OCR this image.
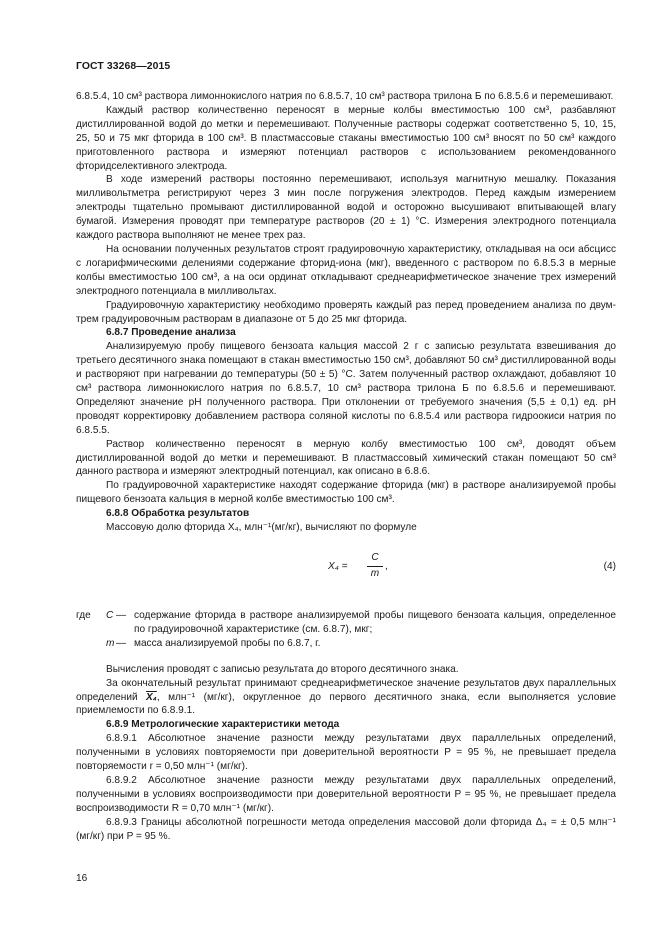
ГОСТ 33268—2015

6.8.5.4, 10 см³ раствора лимоннокислого натрия по 6.8.5.7, 10 см³ раствора трилона Б по 6.8.5.6 и перемешивают.

Каждый раствор количественно переносят в мерные колбы вместимостью 100 см³, разбавляют дистиллированной водой до метки и перемешивают. Полученные растворы содержат соответственно 5, 10, 15, 25, 50 и 75 мкг фторида в 100 см³. В пластмассовые стаканы вместимостью 100 см³ вносят по 50 см³ каждого приготовленного раствора и измеряют потенциал растворов с использованием рекомендованного фторидселективного электрода.

В ходе измерений растворы постоянно перемешивают, используя магнитную мешалку. Показания милливольтметра регистрируют через 3 мин после погружения электродов. Перед каждым измерением электроды тщательно промывают дистиллированной водой и осторожно высушивают впитывающей влагу бумагой. Измерения проводят при температуре растворов (20 ± 1) °С. Измерения электродного потенциала каждого раствора выполняют не менее трех раз.

На основании полученных результатов строят градуировочную характеристику, откладывая на оси абсцисс с логарифмическими делениями содержание фторид-иона (мкг), введенного с раствором по 6.8.5.3 в мерные колбы вместимостью 100 см³, а на оси ординат откладывают среднеарифметическое значение трех измерений электродного потенциала в милливольтах.

Градуировочную характеристику необходимо проверять каждый раз перед проведением анализа по двум-трем градуировочным растворам в диапазоне от 5 до 25 мкг фторида.

6.8.7 Проведение анализа

Анализируемую пробу пищевого бензоата кальция массой 2 г с записью результата взвешивания до третьего десятичного знака помещают в стакан вместимостью 150 см³, добавляют 50 см³ дистиллированной воды и растворяют при нагревании до температуры (50 ± 5) °С. Затем полученный раствор охлаждают, добавляют 10 см³ раствора лимоннокислого натрия по 6.8.5.7, 10 см³ раствора трилона Б по 6.8.5.6 и перемешивают. Определяют значение pH полученного раствора. При отклонении от требуемого значения (5,5 ± 0,1) ед. pH проводят корректировку добавлением раствора соляной кислоты по 6.8.5.4 или раствора гидроокиси натрия по 6.8.5.5.

Раствор количественно переносят в мерную колбу вместимостью 100 см³, доводят объем дистиллированной водой до метки и перемешивают. В пластмассовый химический стакан помещают 50 см³ данного раствора и измеряют электродный потенциал, как описано в 6.8.6.

По градуировочной характеристике находят содержание фторида (мкг) в растворе анализируемой пробы пищевого бензоата кальция в мерной колбе вместимостью 100 см³.

6.8.8 Обработка результатов

Массовую долю фторида X₄, млн⁻¹(мг/кг), вычисляют по формуле

X₄ =
C
m
,	(4)
где	C — содержание фторида в растворе анализируемой пробы пищевого бензоата кальция, определенное по градуировочной характеристике (см. 6.8.7), мкг;
m — масса анализируемой пробы по 6.8.7, г.

Вычисления проводят с записью результата до второго десятичного знака.

За окончательный результат принимают среднеарифметическое значение результатов двух параллельных определений X₄, млн⁻¹ (мг/кг), округленное до первого десятичного знака, если выполняется условие приемлемости по 6.8.9.1.

6.8.9 Метрологические характеристики метода

6.8.9.1 Абсолютное значение разности между результатами двух параллельных определений, полученными в условиях повторяемости при доверительной вероятности P = 95 %, не превышает предела повторяемости r = 0,50 млн⁻¹ (мг/кг).

6.8.9.2 Абсолютное значение разности между результатами двух параллельных определений, полученными в условиях воспроизводимости при доверительной вероятности P = 95 %, не превышает предела воспроизводимости R = 0,70 млн⁻¹ (мг/кг).

6.8.9.3 Границы абсолютной погрешности метода определения массовой доли фторида Δ₄ = ± 0,5 млн⁻¹ (мг/кг) при P = 95 %.

16
